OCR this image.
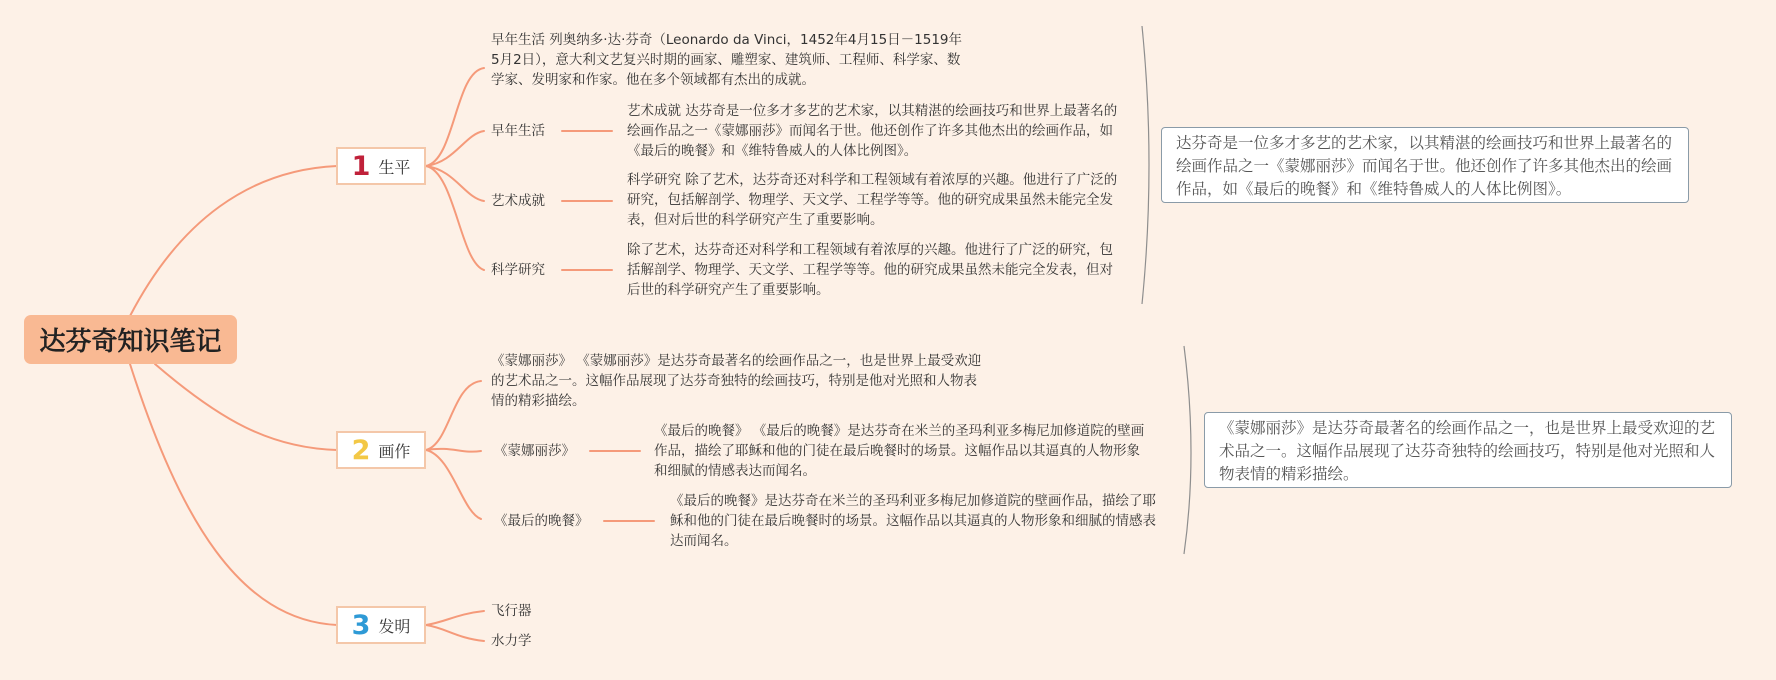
达芬奇知识笔记
1 生平
早年生活 列奥纳多·达·芬奇（Leonardo da Vinci，1452年4月15日－1519年5月2日），意大利文艺复兴时期的画家、雕塑家、建筑师、工程师、科学家、数学家、发明家和作家。他在多个领域都有杰出的成就。
早年生活
艺术成就
科学研究
艺术成就 达芬奇是一位多才多艺的艺术家，以其精湛的绘画技巧和世界上最著名的绘画作品之一《蒙娜丽莎》而闻名于世。他还创作了许多其他杰出的绘画作品，如《最后的晚餐》和《维特鲁威人的人体比例图》。
科学研究 除了艺术，达芬奇还对科学和工程领域有着浓厚的兴趣。他进行了广泛的研究，包括解剖学、物理学、天文学、工程学等等。他的研究成果虽然未能完全发表，但对后世的科学研究产生了重要影响。
除了艺术，达芬奇还对科学和工程领域有着浓厚的兴趣。他进行了广泛的研究，包括解剖学、物理学、天文学、工程学等等。他的研究成果虽然未能完全发表，但对后世的科学研究产生了重要影响。
达芬奇是一位多才多艺的艺术家，以其精湛的绘画技巧和世界上最著名的绘画作品之一《蒙娜丽莎》而闻名于世。他还创作了许多其他杰出的绘画作品，如《最后的晚餐》和《维特鲁威人的人体比例图》。
2 画作
《蒙娜丽莎》 《蒙娜丽莎》是达芬奇最著名的绘画作品之一，也是世界上最受欢迎的艺术品之一。这幅作品展现了达芬奇独特的绘画技巧，特别是他对光照和人物表情的精彩描绘。
《蒙娜丽莎》
《最后的晚餐》
《最后的晚餐》 《最后的晚餐》是达芬奇在米兰的圣玛利亚多梅尼加修道院的壁画作品，描绘了耶稣和他的门徒在最后晚餐时的场景。这幅作品以其逼真的人物形象和细腻的情感表达而闻名。
《最后的晚餐》是达芬奇在米兰的圣玛利亚多梅尼加修道院的壁画作品，描绘了耶稣和他的门徒在最后晚餐时的场景。这幅作品以其逼真的人物形象和细腻的情感表达而闻名。
《蒙娜丽莎》是达芬奇最著名的绘画作品之一，也是世界上最受欢迎的艺术品之一。这幅作品展现了达芬奇独特的绘画技巧，特别是他对光照和人物表情的精彩描绘。
3 发明
飞行器
水力学
